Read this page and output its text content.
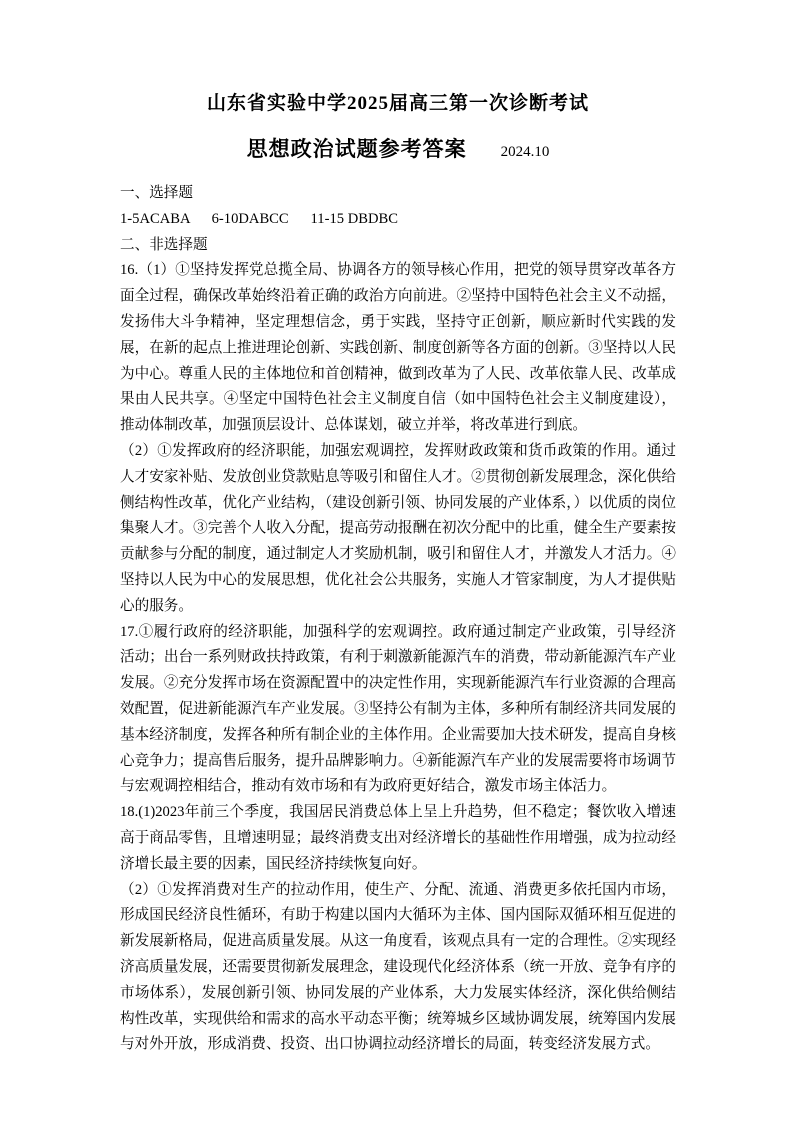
山东省实验中学2025届高三第一次诊断考试
思想政治试题参考答案 2024.10
一、选择题
1-5ACABA      6-10DABCC      11-15 DBDBC
二、非选择题

16.（1）①坚持发挥党总揽全局、协调各方的领导核心作用，把党的领导贯穿改革各方面全过程，确保改革始终沿着正确的政治方向前进。②坚持中国特色社会主义不动摇，发扬伟大斗争精神，坚定理想信念，勇于实践，坚持守正创新，顺应新时代实践的发展，在新的起点上推进理论创新、实践创新、制度创新等各方面的创新。③坚持以人民为中心。尊重人民的主体地位和首创精神，做到改革为了人民、改革依靠人民、改革成果由人民共享。④坚定中国特色社会主义制度自信（如中国特色社会主义制度建设），推动体制改革，加强顶层设计、总体谋划，破立并举，将改革进行到底。

（2）①发挥政府的经济职能，加强宏观调控，发挥财政政策和货币政策的作用。通过人才安家补贴、发放创业贷款贴息等吸引和留住人才。②贯彻创新发展理念，深化供给侧结构性改革，优化产业结构，（建设创新引领、协同发展的产业体系，）以优质的岗位集聚人才。③完善个人收入分配，提高劳动报酬在初次分配中的比重，健全生产要素按贡献参与分配的制度，通过制定人才奖励机制，吸引和留住人才，并激发人才活力。④坚持以人民为中心的发展思想，优化社会公共服务，实施人才管家制度，为人才提供贴心的服务。

17.①履行政府的经济职能，加强科学的宏观调控。政府通过制定产业政策，引导经济活动；出台一系列财政扶持政策，有利于刺激新能源汽车的消费，带动新能源汽车产业发展。②充分发挥市场在资源配置中的决定性作用，实现新能源汽车行业资源的合理高效配置，促进新能源汽车产业发展。③坚持公有制为主体，多种所有制经济共同发展的基本经济制度，发挥各种所有制企业的主体作用。企业需要加大技术研发，提高自身核心竞争力；提高售后服务，提升品牌影响力。④新能源汽车产业的发展需要将市场调节与宏观调控相结合，推动有效市场和有为政府更好结合，激发市场主体活力。

18.(1)2023年前三个季度，我国居民消费总体上呈上升趋势，但不稳定；餐饮收入增速高于商品零售，且增速明显；最终消费支出对经济增长的基础性作用增强，成为拉动经济增长最主要的因素，国民经济持续恢复向好。

（2）①发挥消费对生产的拉动作用，使生产、分配、流通、消费更多依托国内市场，形成国民经济良性循环，有助于构建以国内大循环为主体、国内国际双循环相互促进的新发展新格局，促进高质量发展。从这一角度看，该观点具有一定的合理性。②实现经济高质量发展，还需要贯彻新发展理念，建设现代化经济体系（统一开放、竞争有序的市场体系），发展创新引领、协同发展的产业体系，大力发展实体经济，深化供给侧结构性改革，实现供给和需求的高水平动态平衡；统筹城乡区域协调发展，统筹国内发展与对外开放，形成消费、投资、出口协调拉动经济增长的局面，转变经济发展方式。
